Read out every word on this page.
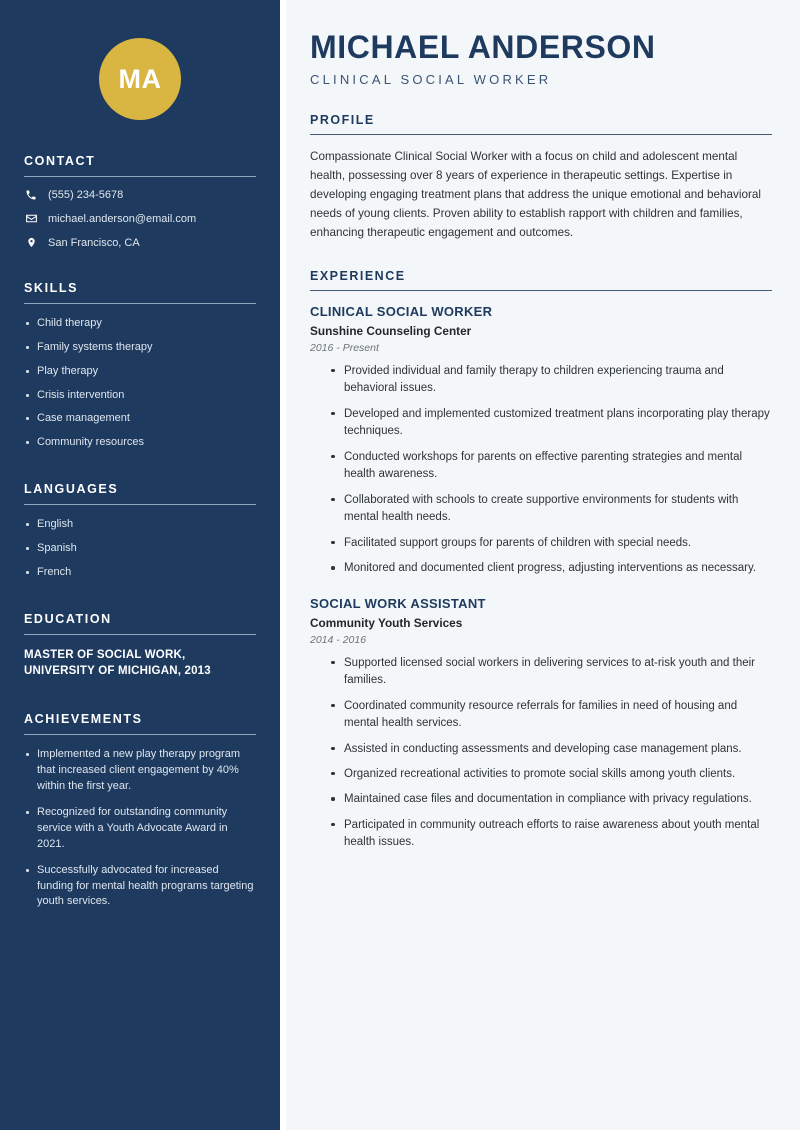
MA
CONTACT
(555) 234-5678
michael.anderson@email.com
San Francisco, CA
SKILLS
Child therapy
Family systems therapy
Play therapy
Crisis intervention
Case management
Community resources
LANGUAGES
English
Spanish
French
EDUCATION
MASTER OF SOCIAL WORK, UNIVERSITY OF MICHIGAN, 2013
ACHIEVEMENTS
Implemented a new play therapy program that increased client engagement by 40% within the first year.
Recognized for outstanding community service with a Youth Advocate Award in 2021.
Successfully advocated for increased funding for mental health programs targeting youth services.
MICHAEL ANDERSON
CLINICAL SOCIAL WORKER
PROFILE

Compassionate Clinical Social Worker with a focus on child and adolescent mental health, possessing over 8 years of experience in therapeutic settings. Expertise in developing engaging treatment plans that address the unique emotional and behavioral needs of young clients. Proven ability to establish rapport with children and families, enhancing therapeutic engagement and outcomes.

EXPERIENCE
CLINICAL SOCIAL WORKER
Sunshine Counseling Center
2016 - Present
Provided individual and family therapy to children experiencing trauma and behavioral issues.
Developed and implemented customized treatment plans incorporating play therapy techniques.
Conducted workshops for parents on effective parenting strategies and mental health awareness.
Collaborated with schools to create supportive environments for students with mental health needs.
Facilitated support groups for parents of children with special needs.
Monitored and documented client progress, adjusting interventions as necessary.
SOCIAL WORK ASSISTANT
Community Youth Services
2014 - 2016
Supported licensed social workers in delivering services to at-risk youth and their families.
Coordinated community resource referrals for families in need of housing and mental health services.
Assisted in conducting assessments and developing case management plans.
Organized recreational activities to promote social skills among youth clients.
Maintained case files and documentation in compliance with privacy regulations.
Participated in community outreach efforts to raise awareness about youth mental health issues.
